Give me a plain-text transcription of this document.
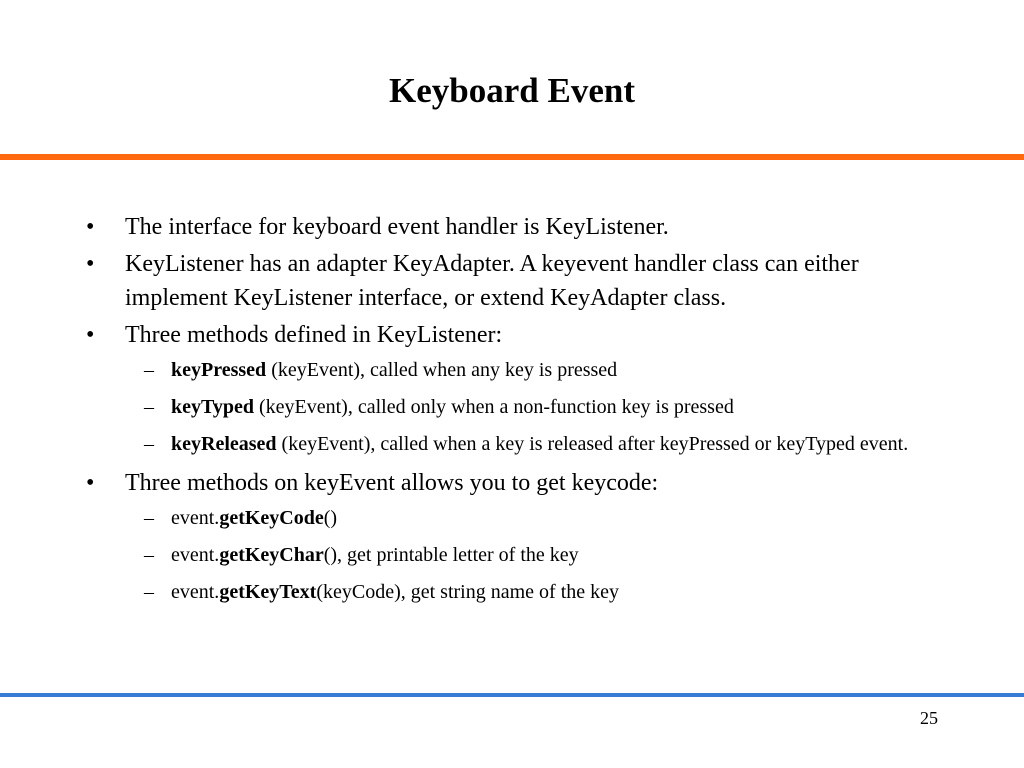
Keyboard Event
• The interface for keyboard event handler is KeyListener.
• KeyListener has an adapter KeyAdapter. A keyevent handler class can either implement KeyListener interface, or extend KeyAdapter class.
• Three methods defined in KeyListener:
– keyPressed (keyEvent), called when any key is pressed
– keyTyped (keyEvent), called only when a non-function key is pressed
– keyReleased (keyEvent), called when a key is released after keyPressed or keyTyped event.
• Three methods on keyEvent allows you to get keycode:
– event.getKeyCode()
– event.getKeyChar(), get printable letter of the key
– event.getKeyText(keyCode), get string name of the key
25
